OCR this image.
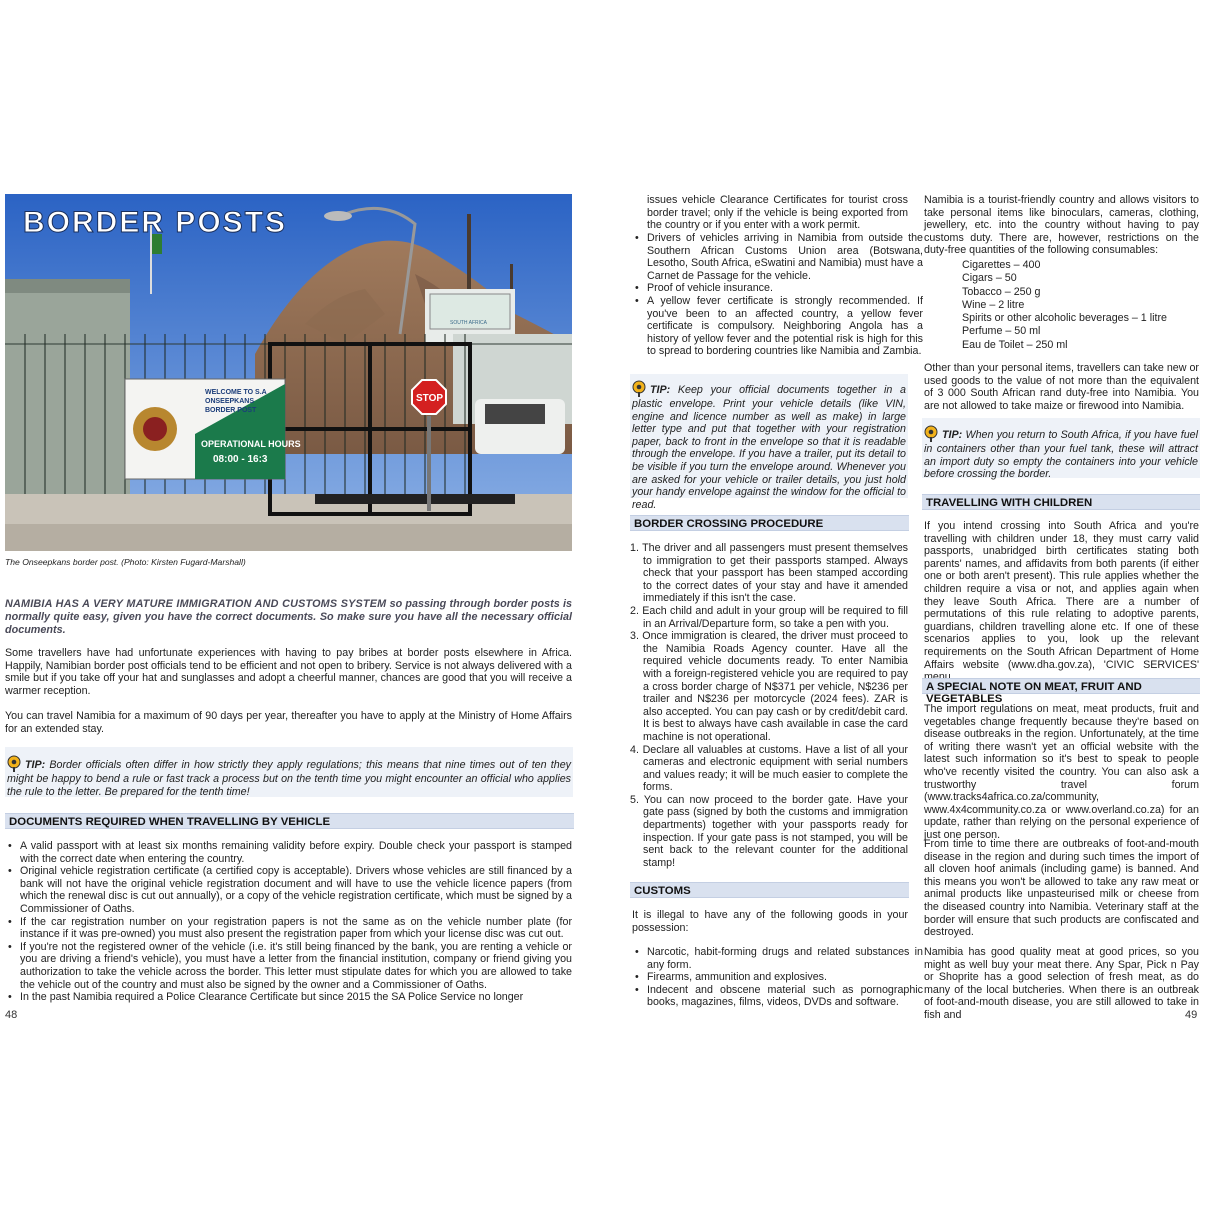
WELCOME TO S.A
ONSEEPKANS
BORDER POST
OPERATIONAL HOURS
08:00 - 16:3
SOUTH AFRICA
STOP
BORDER POSTS
The Onseepkans border post. (Photo: Kirsten Fugard-Marshall)

NAMIBIA HAS A VERY MATURE IMMIGRATION AND CUSTOMS SYSTEM so passing through border posts is normally quite easy, given you have the correct documents. So make sure you have all the necessary official documents.

Some travellers have had unfortunate experiences with having to pay bribes at border posts elsewhere in Africa. Happily, Namibian border post officials tend to be efficient and not open to bribery. Service is not always delivered with a smile but if you take off your hat and sunglasses and adopt a cheerful manner, chances are good that you will receive a warmer reception.

You can travel Namibia for a maximum of 90 days per year, thereafter you have to apply at the Ministry of Home Affairs for an extended stay.

TIP: Border officials often differ in how strictly they apply regulations; this means that nine times out of ten they might be happy to bend a rule or fast track a process but on the tenth time you might encounter an official who applies the rule to the letter. Be prepared for the tenth time!

DOCUMENTS REQUIRED WHEN TRAVELLING BY VEHICLE
• A valid passport with at least six months remaining validity before expiry. Double check your passport is stamped with the correct date when entering the country.
• Original vehicle registration certificate (a certified copy is acceptable). Drivers whose vehicles are still financed by a bank will not have the original vehicle registration document and will have to use the vehicle licence papers (from which the renewal disc is cut out annually), or a copy of the vehicle registration certificate, which must be signed by a Commissioner of Oaths.
• If the car registration number on your registration papers is not the same as on the vehicle number plate (for instance if it was pre-owned) you must also present the registration paper from which your license disc was cut out.
• If you're not the registered owner of the vehicle (i.e. it's still being financed by the bank, you are renting a vehicle or you are driving a friend's vehicle), you must have a letter from the financial institution, company or friend giving you authorization to take the vehicle across the border. This letter must stipulate dates for which you are allowed to take the vehicle out of the country and must also be signed by the owner and a Commissioner of Oaths.
• In the past Namibia required a Police Clearance Certificate but since 2015 the SA Police Service no longer
48

issues vehicle Clearance Certificates for tourist cross border travel; only if the vehicle is being exported from the country or if you enter with a work permit.

• Drivers of vehicles arriving in Namibia from outside the Southern African Customs Union area (Botswana, Lesotho, South Africa, eSwatini and Namibia) must have a Carnet de Passage for the vehicle.
• Proof of vehicle insurance.
• A yellow fever certificate is strongly recommended. If you've been to an affected country, a yellow fever certificate is compulsory. Neighboring Angola has a history of yellow fever and the potential risk is high for this to spread to bordering countries like Namibia and Zambia.

TIP: Keep your official documents together in a plastic envelope. Print your vehicle details (like VIN, engine and licence number as well as make) in large letter type and put that together with your registration paper, back to front in the envelope so that it is readable through the envelope. If you have a trailer, put its detail to be visible if you turn the envelope around. Whenever you are asked for your vehicle or trailer details, you just hold your handy envelope against the window for the official to read.

BORDER CROSSING PROCEDURE
1. The driver and all passengers must present themselves to immigration to get their passports stamped. Always check that your passport has been stamped according to the correct dates of your stay and have it amended immediately if this isn't the case.
2. Each child and adult in your group will be required to fill in an Arrival/Departure form, so take a pen with you.
3. Once immigration is cleared, the driver must proceed to the Namibia Roads Agency counter. Have all the required vehicle documents ready. To enter Namibia with a foreign-registered vehicle you are required to pay a cross border charge of N$371 per vehicle, N$236 per trailer and N$236 per motorcycle (2024 fees). ZAR is also accepted. You can pay cash or by credit/debit card. It is best to always have cash available in case the card machine is not operational.
4. Declare all valuables at customs. Have a list of all your cameras and electronic equipment with serial numbers and values ready; it will be much easier to complete the forms.
5. You can now proceed to the border gate. Have your gate pass (signed by both the customs and immigration departments) together with your passports ready for inspection. If your gate pass is not stamped, you will be sent back to the relevant counter for the additional stamp!
CUSTOMS

It is illegal to have any of the following goods in your possession:

• Narcotic, habit-forming drugs and related substances in any form.
• Firearms, ammunition and explosives.
• Indecent and obscene material such as pornographic books, magazines, films, videos, DVDs and software.

Namibia is a tourist-friendly country and allows visitors to take personal items like binoculars, cameras, clothing, jewellery, etc. into the country without having to pay customs duty. There are, however, restrictions on the duty-free quantities of the following consumables:

Cigarettes – 400
Cigars – 50
Tobacco – 250 g
Wine – 2 litre
Spirits or other alcoholic beverages – 1 litre
Perfume – 50 ml
Eau de Toilet – 250 ml

Other than your personal items, travellers can take new or used goods to the value of not more than the equivalent of 3 000 South African rand duty-free into Namibia. You are not allowed to take maize or firewood into Namibia.

TIP: When you return to South Africa, if you have fuel in containers other than your fuel tank, these will attract an import duty so empty the containers into your vehicle before crossing the border.

TRAVELLING WITH CHILDREN

If you intend crossing into South Africa and you're travelling with children under 18, they must carry valid passports, unabridged birth certificates stating both parents' names, and affidavits from both parents (if either one or both aren't present). This rule applies whether the children require a visa or not, and applies again when they leave South Africa. There are a number of permutations of this rule relating to adoptive parents, guardians, children travelling alone etc. If one of these scenarios applies to you, look up the relevant requirements on the South African Department of Home Affairs website (www.dha.gov.za), 'CIVIC SERVICES'

A SPECIAL NOTE ON MEAT, FRUIT AND VEGETABLES

The import regulations on meat, meat products, fruit and vegetables change frequently because they're based on disease outbreaks in the region. Unfortunately, at the time of writing there wasn't yet an official website with the latest such information so it's best to speak to people who've recently visited the country. You can also ask a trustworthy travel forum (www.tracks4africa.co.za/community, www.4x4community.co.za or www.overland.co.za) for an update, rather than relying on the personal experience of just one person.

From time to time there are outbreaks of foot-and-mouth disease in the region and during such times the import of all cloven hoof animals (including game) is banned. And this means you won't be allowed to take any raw meat or animal products like unpasteurised milk or cheese from the diseased country into Namibia. Veterinary staff at the border will ensure that such products are confiscated and destroyed.

Namibia has good quality meat at good prices, so you might as well buy your meat there. Any Spar, Pick n Pay or Shoprite has a good selection of fresh meat, as do many of the local butcheries. When there is an outbreak of foot-and-mouth disease, you are still allowed to take in fish and	49
